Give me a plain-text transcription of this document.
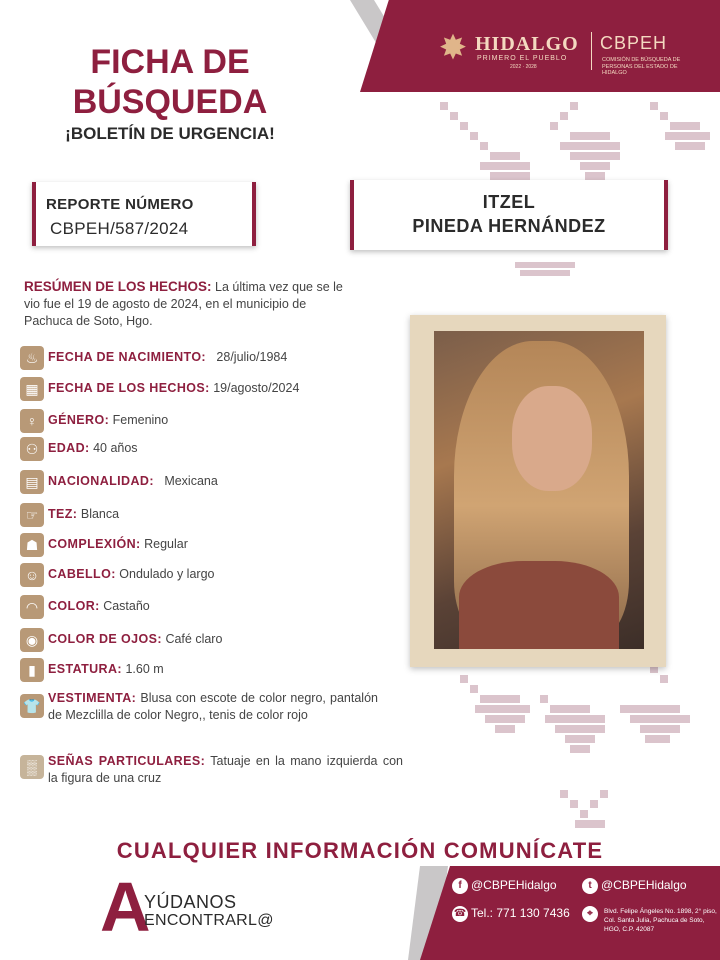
✸ HIDALGO
PRIMERO EL PUEBLO
2022 · 2028
CBPEH
COMISIÓN DE BÚSQUEDA DE PERSONAS DEL ESTADO DE HIDALGO
FICHA DE
BÚSQUEDA
¡BOLETÍN DE URGENCIA!
REPORTE NÚMERO
CBPEH/587/2024
ITZEL
PINEDA HERNÁNDEZ
RESÚMEN DE LOS HECHOS: La última vez que se le vio fue el 19 de agosto de 2024, en el municipio de Pachuca de Soto, Hgo.
♨ FECHA DE NACIMIENTO: 28/julio/1984
▦ FECHA DE LOS HECHOS: 19/agosto/2024
♀ GÉNERO: Femenino
⚇ EDAD: 40 años
▤ NACIONALIDAD: Mexicana
☞ TEZ: Blanca
☗ COMPLEXIÓN: Regular
☺ CABELLO: Ondulado y largo
◠ COLOR: Castaño
◉ COLOR DE OJOS: Café claro
▮ ESTATURA: 1.60 m
👕 VESTIMENTA: Blusa con escote de color negro, pantalón de Mezclilla de color Negro,, tenis de color rojo
▒ SEÑAS PARTICULARES: Tatuaje en la mano izquierda con la figura de una cruz
CUALQUIER INFORMACIÓN COMUNÍCATE
A
YÚDANOS
ENCONTRARL@
f @CBPEHidalgo	t @CBPEHidalgo
☎ Tel.: 771 130 7436	⌖	Blvd. Felipe Ángeles No. 1898, 2° piso, Col. Santa Julia, Pachuca de Soto, HGO, C.P. 42087
